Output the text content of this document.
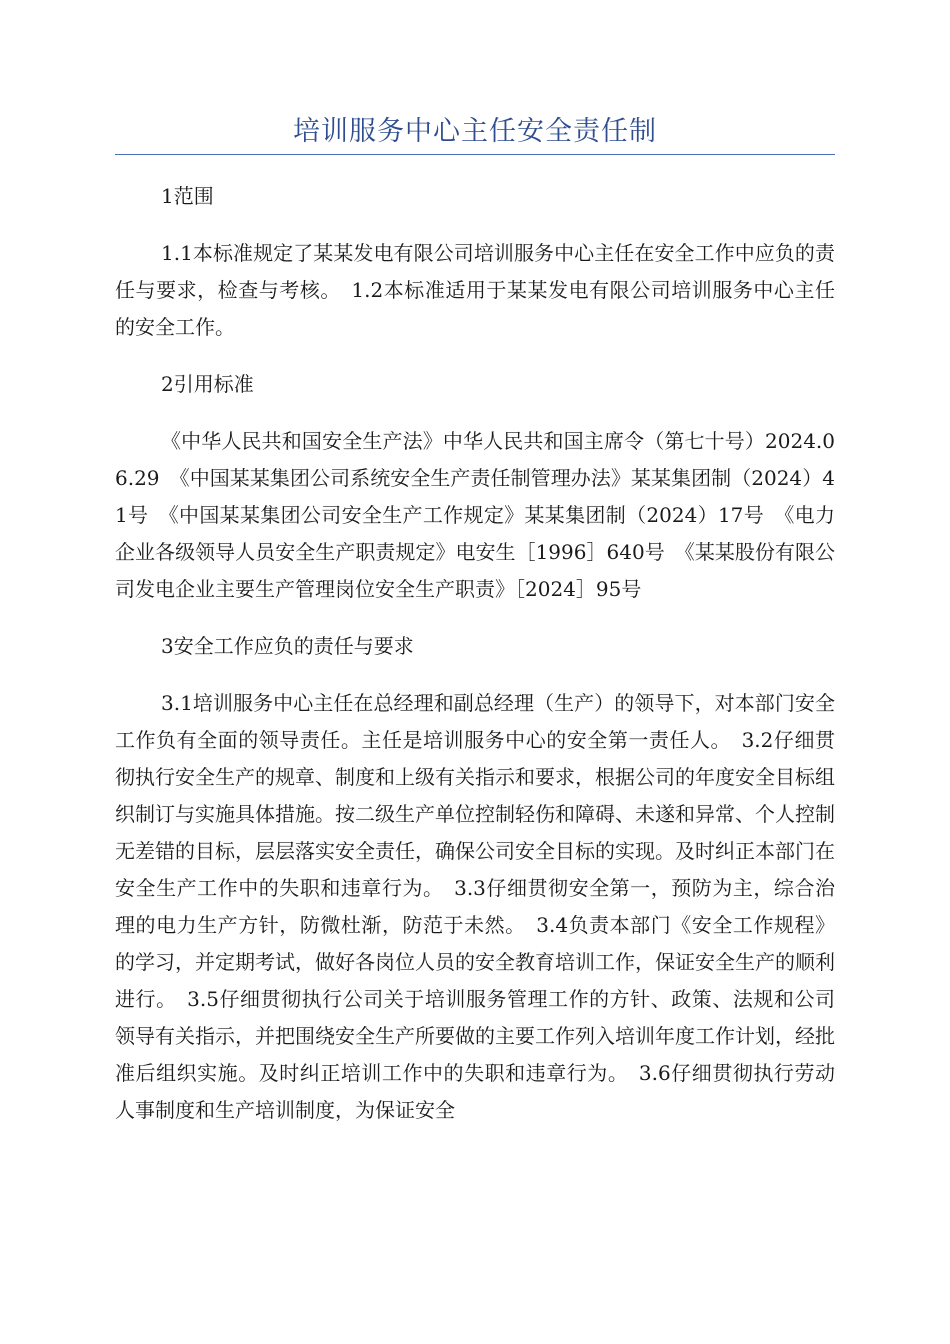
培训服务中心主任安全责任制

1范围

1.1本标准规定了某某发电有限公司培训服务中心主任在安全工作中应负的责任与要求，检查与考核。　1.2本标准适用于某某发电有限公司培训服务中心主任的安全工作。

2引用标准

《中华人民共和国安全生产法》中华人民共和国主席令（第七十号）2024.06.29　《中国某某集团公司系统安全生产责任制管理办法》某某集团制（2024）41号　《中国某某集团公司安全生产工作规定》某某集团制（2024）17号　《电力企业各级领导人员安全生产职责规定》电安生［1996］640号　《某某股份有限公司发电企业主要生产管理岗位安全生产职责》［2024］95号

3安全工作应负的责任与要求

3.1培训服务中心主任在总经理和副总经理（生产）的领导下，对本部门安全工作负有全面的领导责任。主任是培训服务中心的安全第一责任人。　3.2仔细贯彻执行安全生产的规章、制度和上级有关指示和要求，根据公司的年度安全目标组织制订与实施具体措施。按二级生产单位控制轻伤和障碍、未遂和异常、个人控制无差错的目标，层层落实安全责任，确保公司安全目标的实现。及时纠正本部门在安全生产工作中的失职和违章行为。　3.3仔细贯彻安全第一，预防为主，综合治理的电力生产方针，防微杜渐，防范于未然。　3.4负责本部门《安全工作规程》的学习，并定期考试，做好各岗位人员的安全教育培训工作，保证安全生产的顺利进行。　3.5仔细贯彻执行公司关于培训服务管理工作的方针、政策、法规和公司领导有关指示，并把围绕安全生产所要做的主要工作列入培训年度工作计划，经批准后组织实施。及时纠正培训工作中的失职和违章行为。　3.6仔细贯彻执行劳动人事制度和生产培训制度，为保证安全
